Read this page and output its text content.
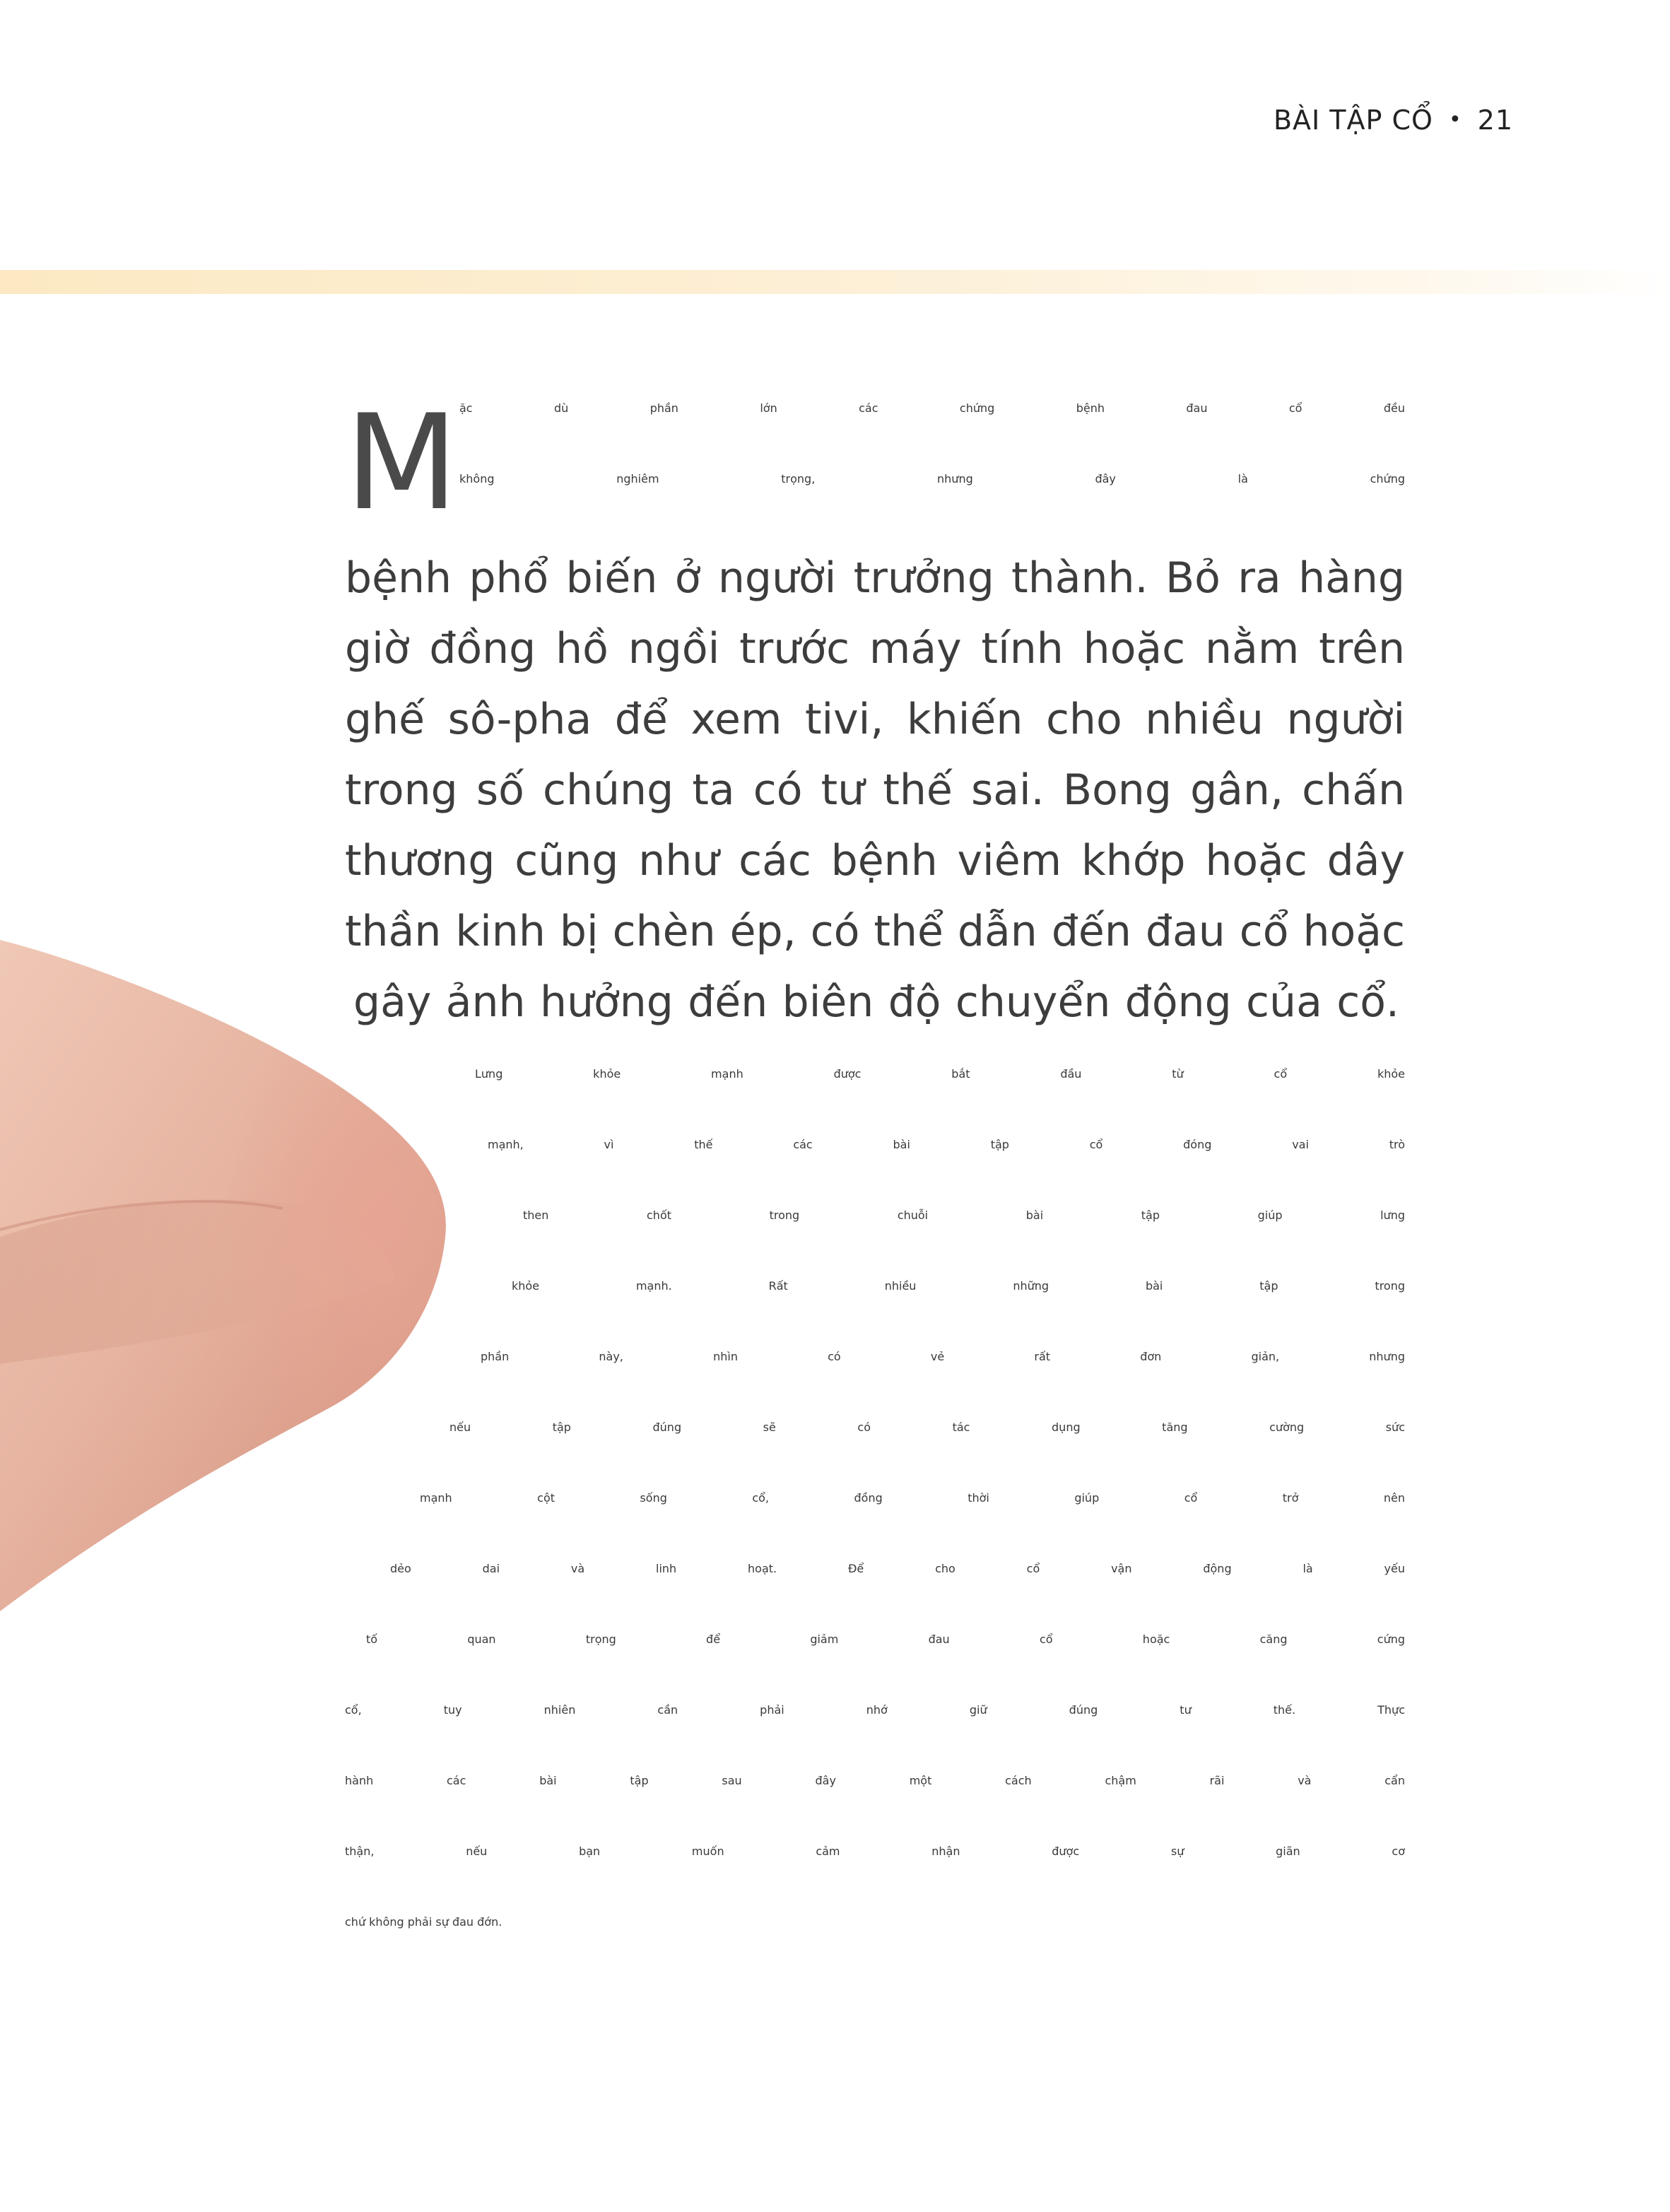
BÀI TẬP CỔ • 21
M ặc dù phần lớn các chứng bệnh đau cổ đều
không nghiêm trọng, nhưng đây là chứng
bệnh phổ biến ở người trưởng thành. Bỏ ra hàng
giờ đồng hồ ngồi trước máy tính hoặc nằm trên
ghế sô-pha để xem tivi, khiến cho nhiều người
trong số chúng ta có tư thế sai. Bong gân, chấn
thương cũng như các bệnh viêm khớp hoặc dây
thần kinh bị chèn ép, có thể dẫn đến đau cổ hoặc
gây ảnh hưởng đến biên độ chuyển động của cổ.
Lưng khỏe mạnh được bắt đầu từ cổ khỏe
mạnh, vì thế các bài tập cổ đóng vai trò
then chốt trong chuỗi bài tập giúp lưng
khỏe mạnh. Rất nhiều những bài tập trong
phần này, nhìn có vẻ rất đơn giản, nhưng
nếu tập đúng sẽ có tác dụng tăng cường sức
mạnh cột sống cổ, đồng thời giúp cổ trở nên
dẻo dai và linh hoạt. Để cho cổ vận động là yếu
tố quan trọng để giảm đau cổ hoặc căng cứng
cổ, tuy nhiên cần phải nhớ giữ đúng tư thế. Thực
hành các bài tập sau đây một cách chậm rãi và cẩn
thận, nếu bạn muốn cảm nhận được sự giãn cơ
chứ không phải sự đau đớn.
